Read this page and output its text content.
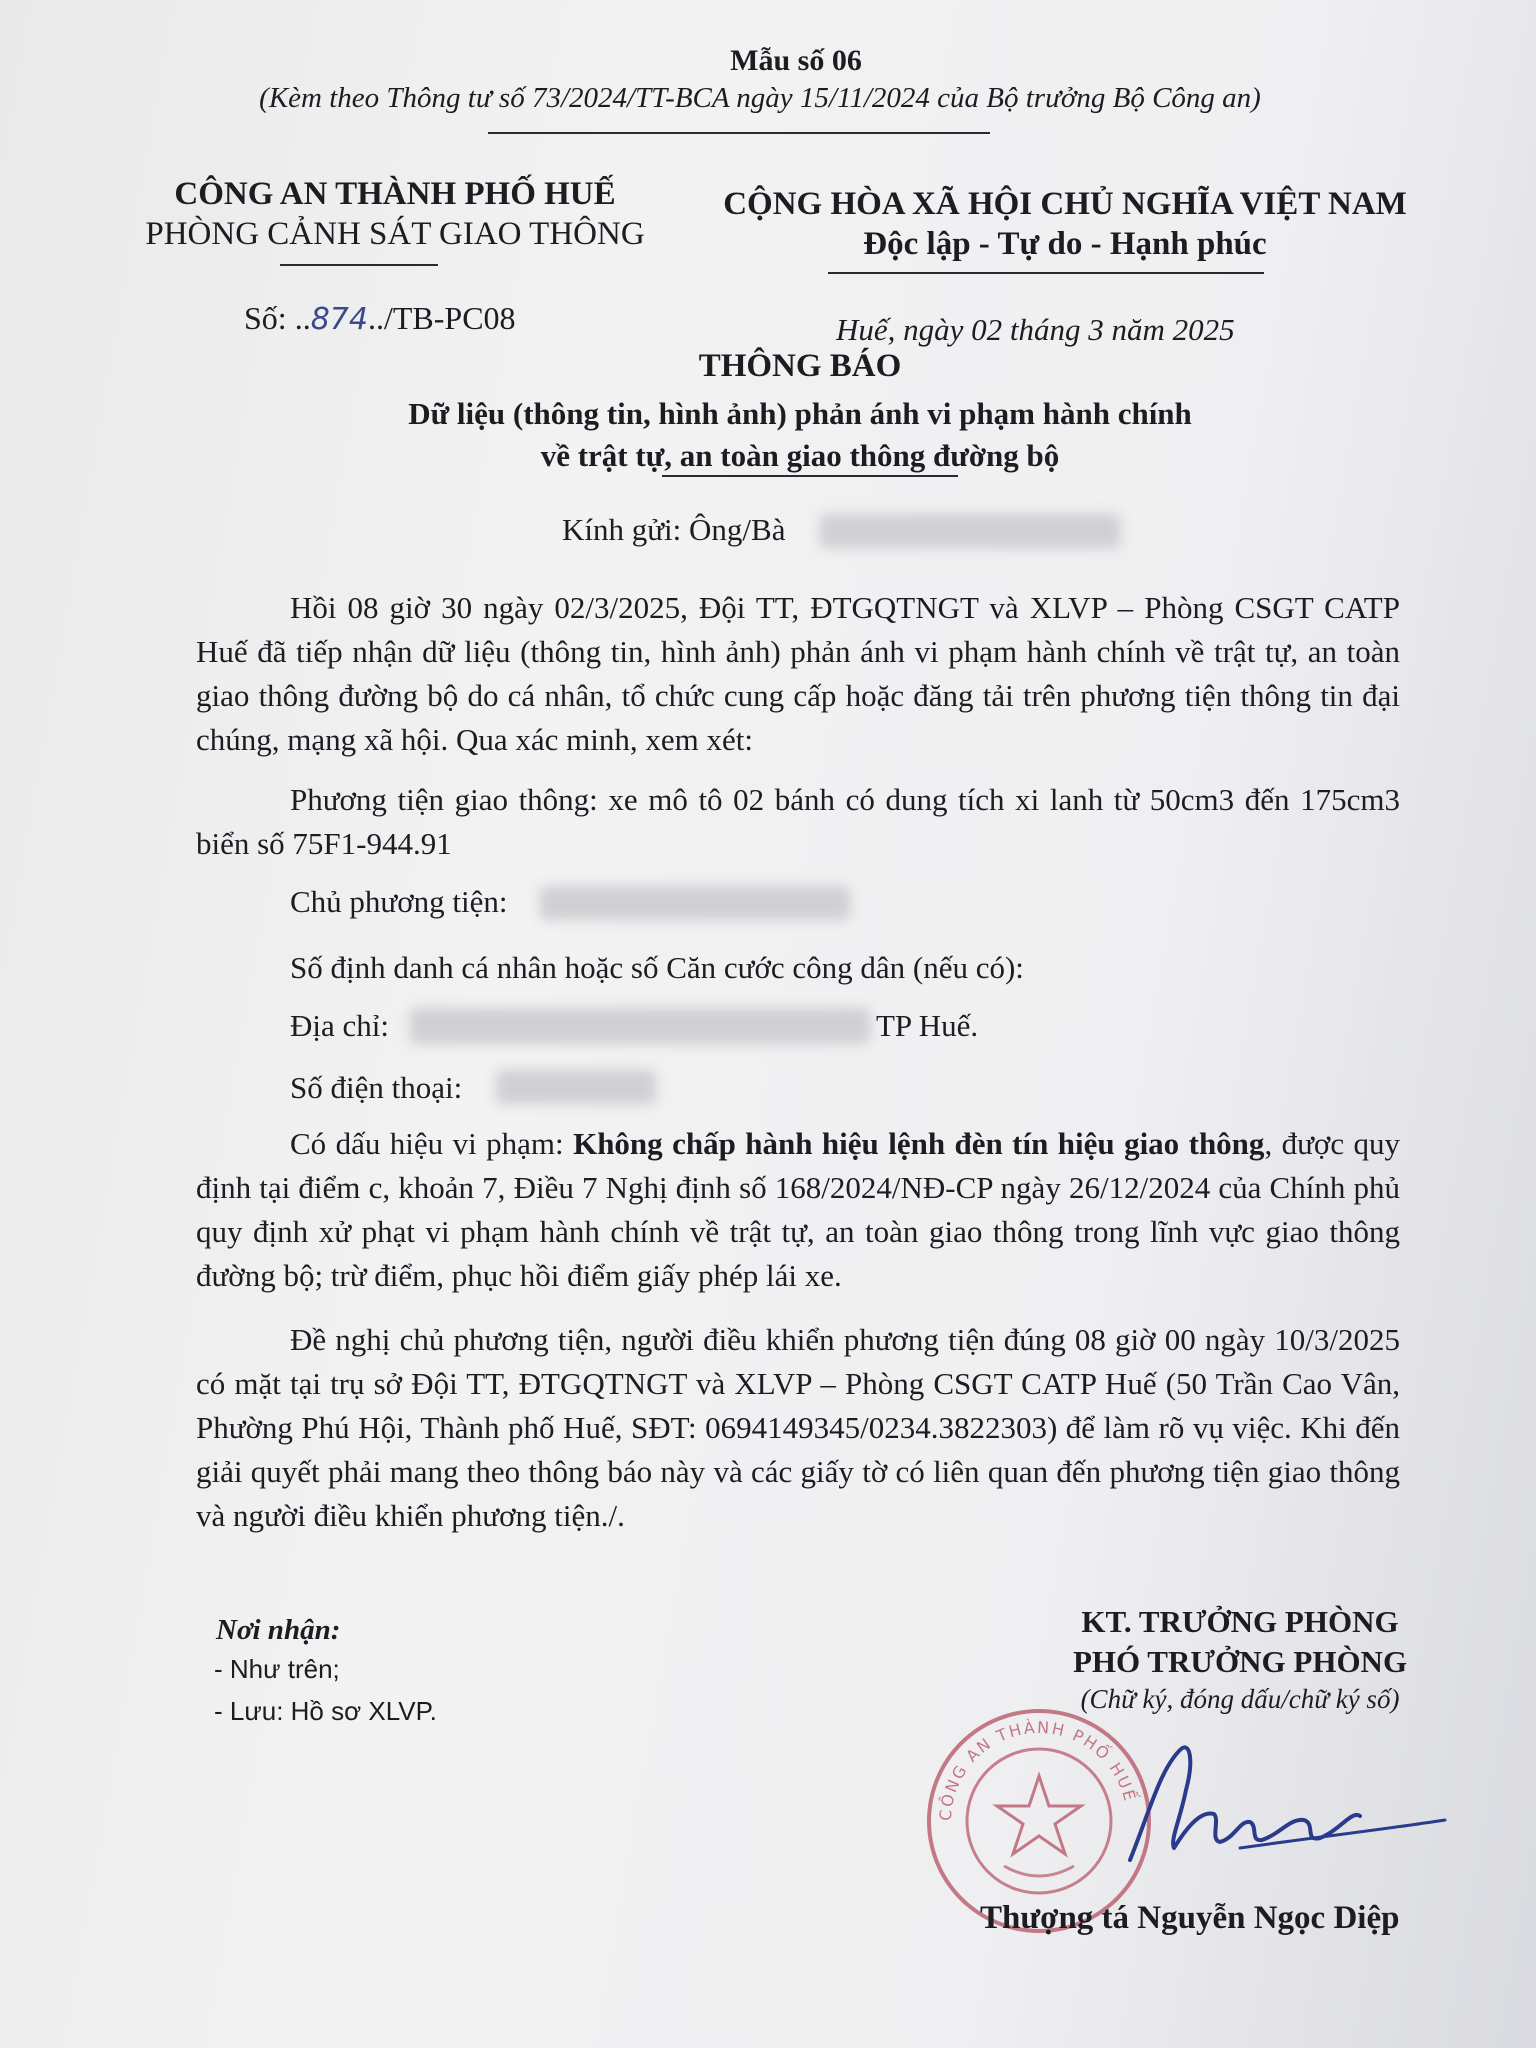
Mẫu số 06
(Kèm theo Thông tư số 73/2024/TT-BCA ngày 15/11/2024 của Bộ trưởng Bộ Công an)
CÔNG AN THÀNH PHỐ HUẾ
PHÒNG CẢNH SÁT GIAO THÔNG
CỘNG HÒA XÃ HỘI CHỦ NGHĨA VIỆT NAM
Độc lập - Tự do - Hạnh phúc
Số: ..874../TB-PC08	Huế, ngày 02 tháng 3 năm 2025
THÔNG BÁO
Dữ liệu (thông tin, hình ảnh) phản ánh vi phạm hành chính
về trật tự, an toàn giao thông đường bộ
Kính gửi: Ông/Bà
Hồi 08 giờ 30 ngày 02/3/2025, Đội TT, ĐTGQTNGT và XLVP – Phòng CSGT CATP Huế đã tiếp nhận dữ liệu (thông tin, hình ảnh) phản ánh vi phạm hành chính về trật tự, an toàn giao thông đường bộ do cá nhân, tổ chức cung cấp hoặc đăng tải trên phương tiện thông tin đại chúng, mạng xã hội. Qua xác minh, xem xét:
Phương tiện giao thông: xe mô tô 02 bánh có dung tích xi lanh từ 50cm3 đến 175cm3 biển số 75F1-944.91
Chủ phương tiện:
Số định danh cá nhân hoặc số Căn cước công dân (nếu có):
Địa chỉ:	TP Huế.
Số điện thoại:
Có dấu hiệu vi phạm: Không chấp hành hiệu lệnh đèn tín hiệu giao thông, được quy định tại điểm c, khoản 7, Điều 7 Nghị định số 168/2024/NĐ-CP ngày 26/12/2024 của Chính phủ quy định xử phạt vi phạm hành chính về trật tự, an toàn giao thông trong lĩnh vực giao thông đường bộ; trừ điểm, phục hồi điểm giấy phép lái xe.
Đề nghị chủ phương tiện, người điều khiển phương tiện đúng 08 giờ 00 ngày 10/3/2025 có mặt tại trụ sở Đội TT, ĐTGQTNGT và XLVP – Phòng CSGT CATP Huế (50 Trần Cao Vân, Phường Phú Hội, Thành phố Huế, SĐT: 0694149345/0234.3822303) để làm rõ vụ việc. Khi đến giải quyết phải mang theo thông báo này và các giấy tờ có liên quan đến phương tiện giao thông và người điều khiển phương tiện./.
Nơi nhận:
- Như trên;
- Lưu: Hồ sơ XLVP.
KT. TRƯỞNG PHÒNG
PHÓ TRƯỞNG PHÒNG
(Chữ ký, đóng dấu/chữ ký số)
CÔNG AN THÀNH PHỐ HUẾ
Thượng tá Nguyễn Ngọc Diệp
